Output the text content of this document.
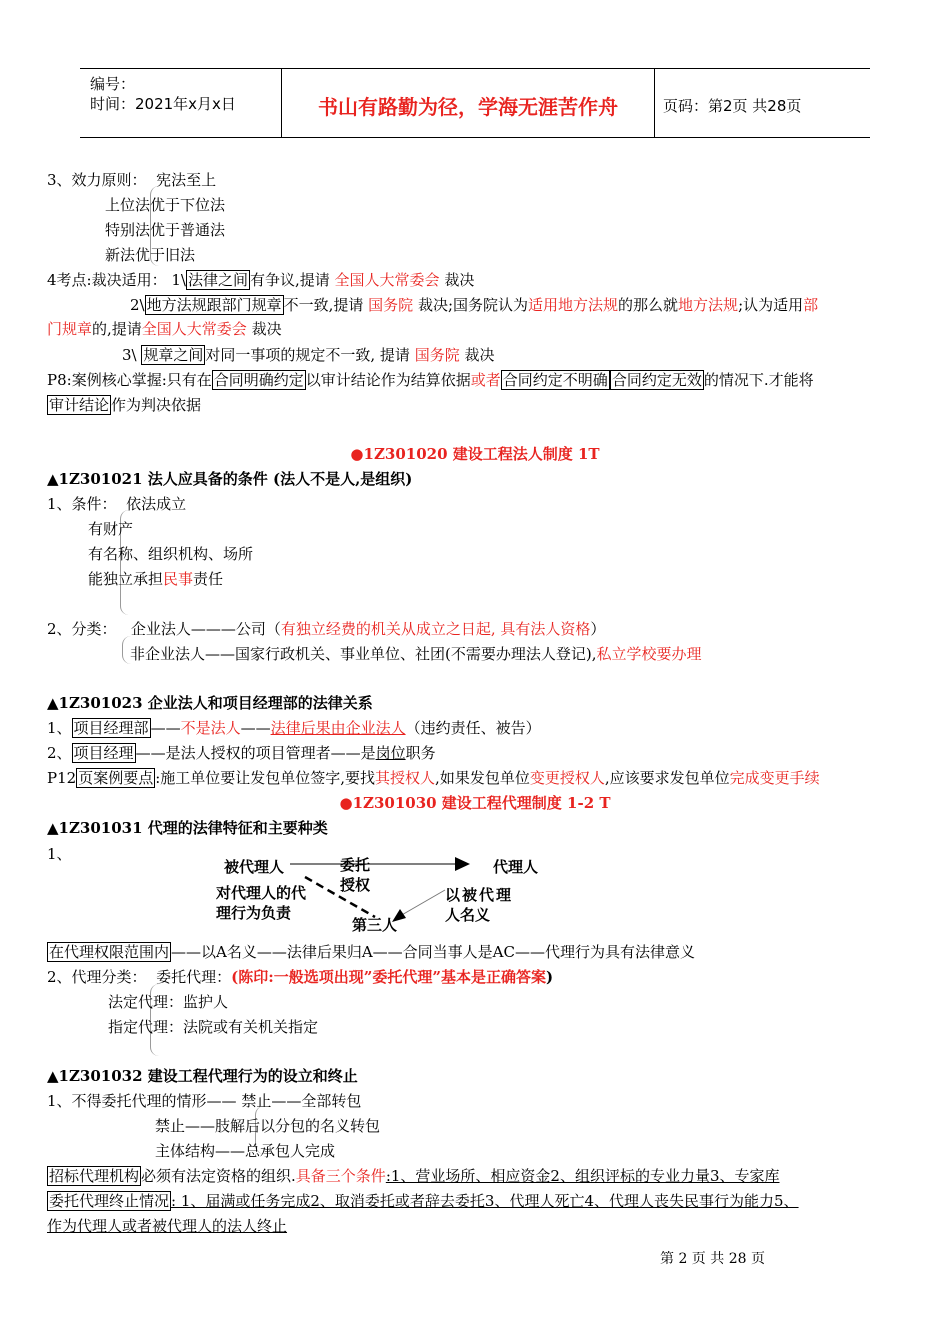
编号：
时间：2021年x月x日	书山有路勤为径，学海无涯苦作舟	页码：第2页 共28页
3、效力原则： 宪法至上
上位法优于下位法
特别法优于普通法
新法优于旧法
4考点:裁决适用： 1\ 法律之间 有争议,提请 全国人大常委会 裁决
2\ 地方法规跟部门规章 不一致,提请 国务院 裁决;国务院认为适用地方法规的那么就地方法规;认为适用部
门规章的,提请全国人大常委会 裁决
3\ 规章之间 对同一事项的规定不一致, 提请 国务院 裁决
P8:案例核心掌握:只有在 合同明确约定 以审计结论作为结算依据或者 合同约定不明确 合同约定无效 的情况下.才能将
审计结论 作为判决依据
●1Z301020 建设工程法人制度 1T
▲1Z301021 法人应具备的条件 (法人不是人,是组织)
1、条件： 依法成立
有财产
有名称、组织机构、场所
能独立承担民事责任
2、分类： 企业法人———公司（有独立经费的机关从成立之日起, 具有法人资格）
非企业法人——国家行政机关、事业单位、社团(不需要办理法人登记),私立学校要办理
▲1Z301023 企业法人和项目经理部的法律关系
1、 项目经理部 ——不是法人——法律后果由企业法人（违约责任、被告）
2、 项目经理 ——是法人授权的项目管理者——是岗位职务
P12 页案例要点 :施工单位要让发包单位签字,要找其授权人,如果发包单位变更授权人,应该要求发包单位完成变更手续
●1Z301030 建设工程代理制度 1-2 T
▲1Z301031 代理的法律特征和主要种类
1、
被代理人	委托
授权
代理人
对代理人的代
理行为负责
以被代理
人名义
第三人
在代理权限范围内 ——以A名义——法律后果归A——合同当事人是AC——代理行为具有法律意义
2、代理分类： 委托代理：(陈印:一般选项出现”委托代理”基本是正确答案)
法定代理：监护人
指定代理：法院或有关机关指定
▲1Z301032 建设工程代理行为的设立和终止
1、不得委托代理的情形—— 禁止——全部转包
禁止——肢解后以分包的名义转包
主体结构——总承包人完成
招标代理机构 必须有法定资格的组织.具备三个条件:1、营业场所、相应资金2、组织评标的专业力量3、专家库
委托代理终止情况 : 1、届满或任务完成2、取消委托或者辞去委托3、代理人死亡4、代理人丧失民事行为能力5、
作为代理人或者被代理人的法人终止
第 2 页 共 28 页
